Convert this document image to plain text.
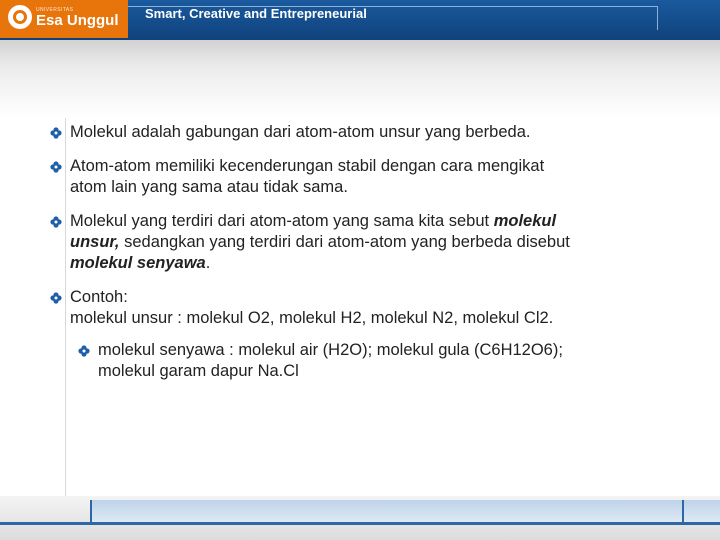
UNIVERSITAS
Esa Unggul Smart, Creative and Entrepreneurial
Molekul adalah gabungan dari atom-atom unsur yang berbeda.
Atom-atom memiliki kecenderungan stabil dengan cara mengikat
atom lain yang sama atau tidak sama.
Molekul yang terdiri dari atom-atom yang sama kita sebut molekul
unsur, sedangkan yang terdiri dari atom-atom yang berbeda disebut
molekul senyawa.
Contoh:
molekul unsur : molekul O2, molekul H2, molekul N2, molekul Cl2.
molekul senyawa : molekul air (H2O); molekul gula (C6H12O6);
molekul garam dapur Na.Cl
